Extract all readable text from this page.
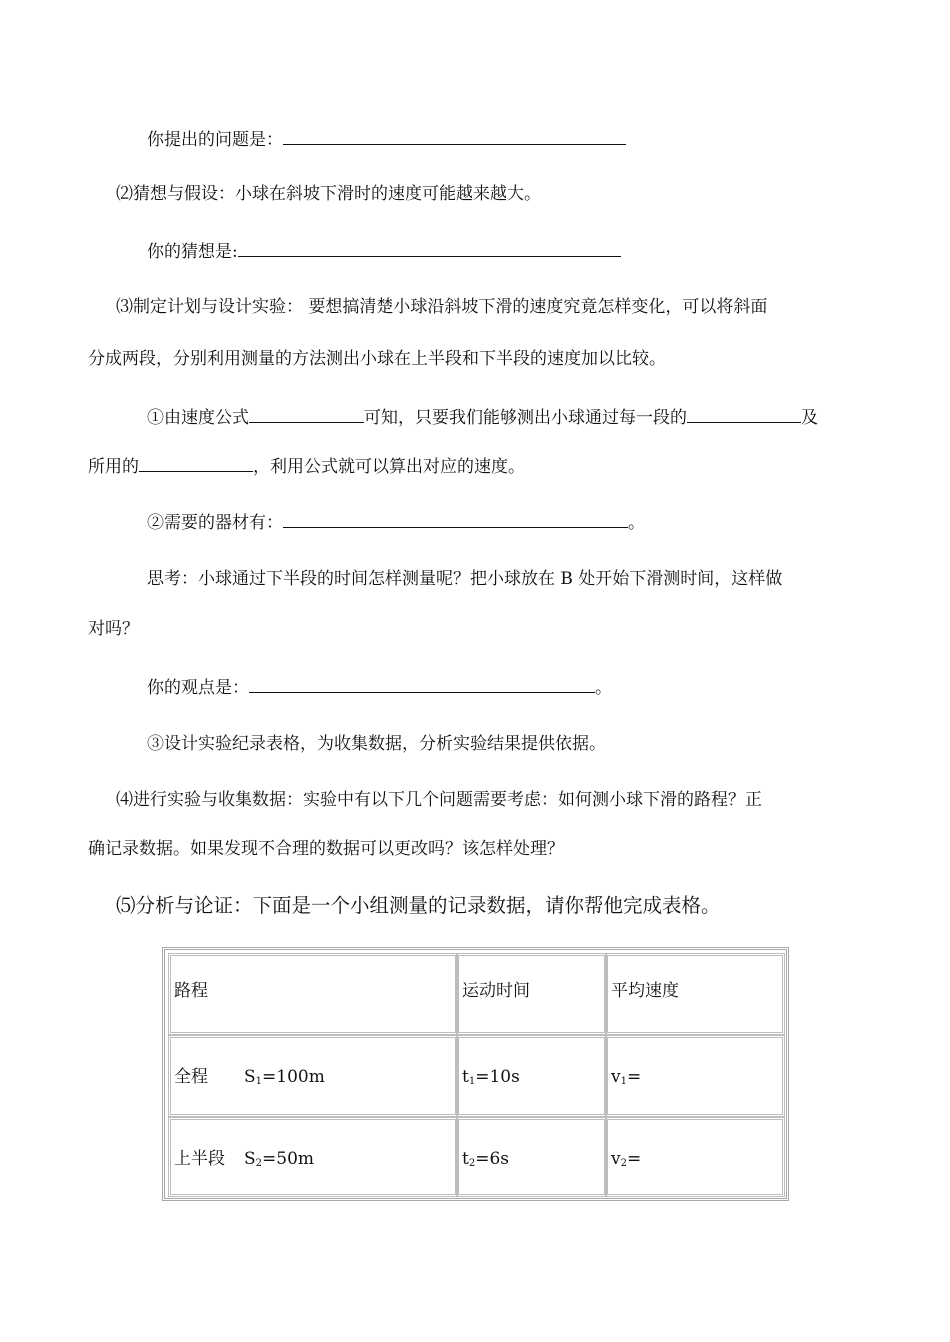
你提出的问题是：
⑵猜想与假设：小球在斜坡下滑时的速度可能越来越大。
你的猜想是:
⑶制定计划与设计实验： 要想搞清楚小球沿斜坡下滑的速度究竟怎样变化，可以将斜面
分成两段，分别利用测量的方法测出小球在上半段和下半段的速度加以比较。
①由速度公式	可知，只要我们能够测出小球通过每一段的	及
所用的	，利用公式就可以算出对应的速度。
②需要的器材有：	。
思考：小球通过下半段的时间怎样测量呢？把小球放在 B 处开始下滑测时间，这样做
对吗？
你的观点是：	。
③设计实验纪录表格，为收集数据，分析实验结果提供依据。
⑷进行实验与收集数据：实验中有以下几个问题需要考虑：如何测小球下滑的路程？正
确记录数据。如果发现不合理的数据可以更改吗？该怎样处理？
⑸分析与论证：下面是一个小组测量的记录数据，请你帮他完成表格。
路程	运动时间	平均速度
全程 $S_1=100m$	$t_1=10s$	$v_1=$
上半段 $S_2=50m$	$t_2=6s$	$v_2=$
